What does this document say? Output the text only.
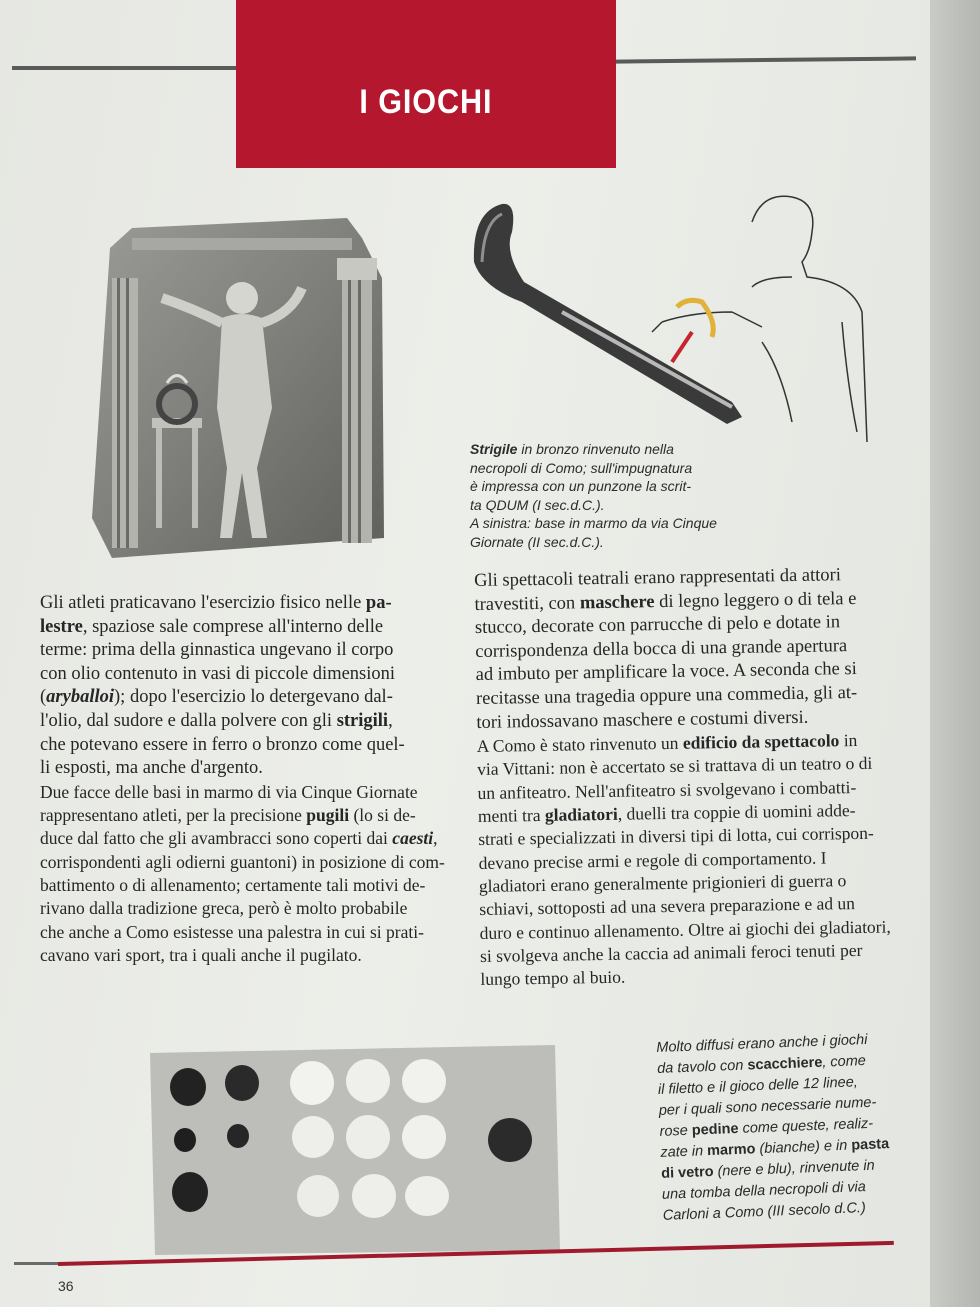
I GIOCHI
Strigile in bronzo rinvenuto nella
necropoli di Como; sull'impugnatura
è impressa con un punzone la scrit-
ta QDUM (I sec.d.C.).
A sinistra: base in marmo da via Cinque
Giornate (II sec.d.C.).

Gli atleti praticavano l'esercizio fisico nelle pa-
lestre, spaziose sale comprese all'interno delle
terme: prima della ginnastica ungevano il corpo
con olio contenuto in vasi di piccole dimensioni
(aryballoi); dopo l'esercizio lo detergevano dal-
l'olio, dal sudore e dalla polvere con gli strigili,
che potevano essere in ferro o bronzo come quel-
li esposti, ma anche d'argento.

Due facce delle basi in marmo di via Cinque Giornate
rappresentano atleti, per la precisione pugili (lo si de-
duce dal fatto che gli avambracci sono coperti dai caesti,
corrispondenti agli odierni guantoni) in posizione di com-
battimento o di allenamento; certamente tali motivi de-
rivano dalla tradizione greca, però è molto probabile
che anche a Como esistesse una palestra in cui si prati-
cavano vari sport, tra i quali anche il pugilato.

Gli spettacoli teatrali erano rappresentati da attori
travestiti, con maschere di legno leggero o di tela e
stucco, decorate con parrucche di pelo e dotate in
corrispondenza della bocca di una grande apertura
ad imbuto per amplificare la voce. A seconda che si
recitasse una tragedia oppure una commedia, gli at-
tori indossavano maschere e costumi diversi.

A Como è stato rinvenuto un edificio da spettacolo in
via Vittani: non è accertato se si trattava di un teatro o di
un anfiteatro. Nell'anfiteatro si svolgevano i combatti-
menti tra gladiatori, duelli tra coppie di uomini adde-
strati e specializzati in diversi tipi di lotta, cui corrispon-
devano precise armi e regole di comportamento. I
gladiatori erano generalmente prigionieri di guerra o
schiavi, sottoposti ad una severa preparazione e ad un
duro e continuo allenamento. Oltre ai giochi dei gladiatori,
si svolgeva anche la caccia ad animali feroci tenuti per
lungo tempo al buio.

Molto diffusi erano anche i giochi
da tavolo con scacchiere, come
il filetto e il gioco delle 12 linee,
per i quali sono necessarie nume-
rose pedine come queste, realiz-
zate in marmo (bianche) e in pasta
di vetro (nere e blu), rinvenute in
una tomba della necropoli di via
Carloni a Como (III secolo d.C.)
36
